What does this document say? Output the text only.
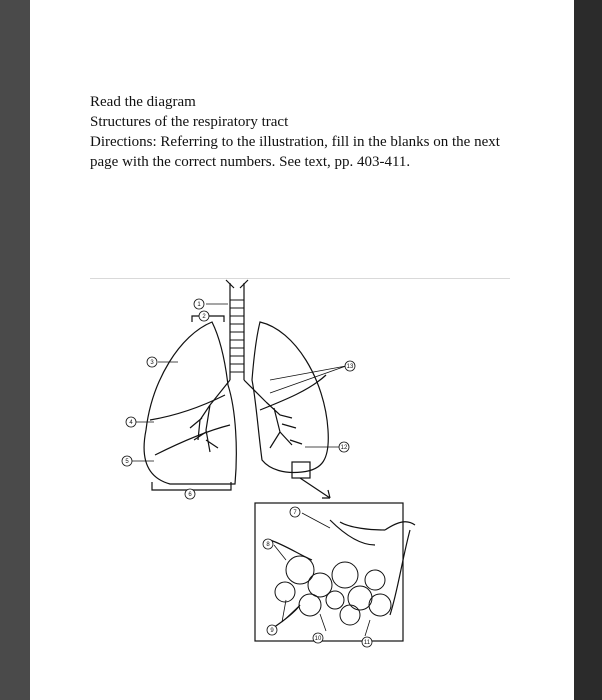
Read the diagram
Structures of the respiratory tract
Directions: Referring to the illustration, fill in the blanks on the next page with the correct numbers. See text, pp. 403-411.
1
2
3
4
5
6
7
8
9
10
11
12
13
